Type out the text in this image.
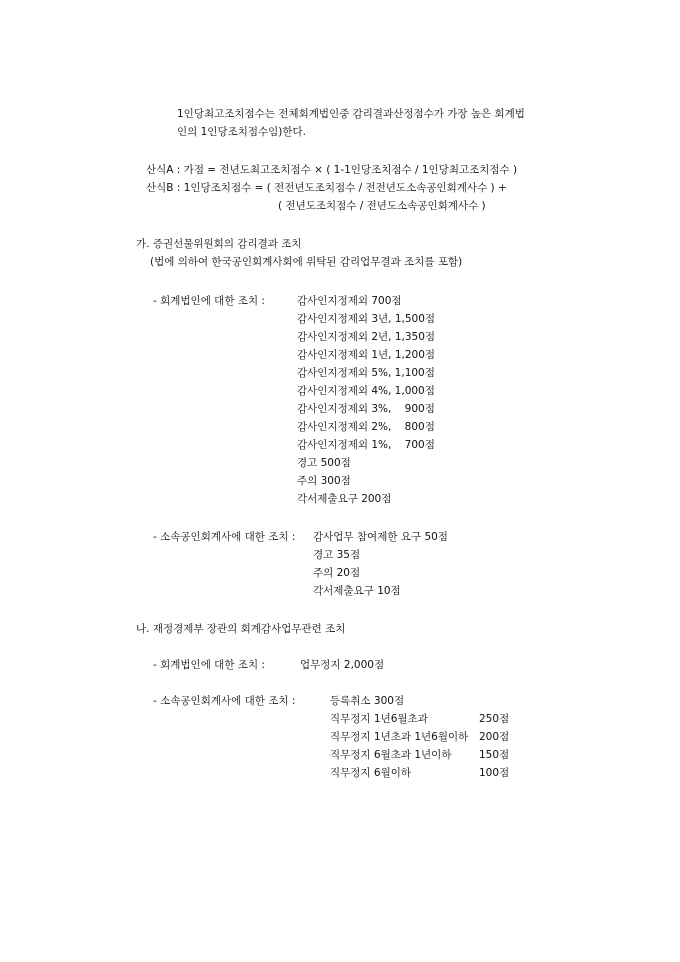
1인당최고조치점수는 전체회계법인중 감리결과산정점수가 가장 높은 회계법
인의 1인당조치점수임)한다.
산식A : 가점 = 전년도최고조치점수 × ( 1-1인당조치점수 / 1인당최고조치점수 )
산식B : 1인당조치점수 = ( 전전년도조치점수 / 전전년도소속공인회계사수 ) +
( 전년도조치점수 / 전년도소속공인회계사수 )
가. 증권선물위원회의 감리결과 조치
(법에 의하여 한국공인회계사회에 위탁된 감리업무결과 조치를 포함)
- 회계법인에 대한 조치 :	감사인지정제외 700점
감사인지정제외 3년, 1,500점
감사인지정제외 2년, 1,350점
감사인지정제외 1년, 1,200점
감사인지정제외 5%, 1,100점
감사인지정제외 4%, 1,000점
감사인지정제외 3%,    900점
감사인지정제외 2%,    800점
감사인지정제외 1%,    700점
경고 500점
주의 300점
각서제출요구 200점
- 소속공인회계사에 대한 조치 : 감사업무 참여제한 요구 50점
경고 35점
주의 20점
각서제출요구 10점
나. 재정경제부 장관의 회계감사업무관련 조치
- 회계법인에 대한 조치 :	업무정지 2,000점
- 소속공인회계사에 대한 조치 :	등록취소 300점
직무정지 1년6월초과	250점
직무정지 1년초과 1년6월이하 200점
직무정지 6월초과 1년이하	150점
직무정지 6월이하	100점
